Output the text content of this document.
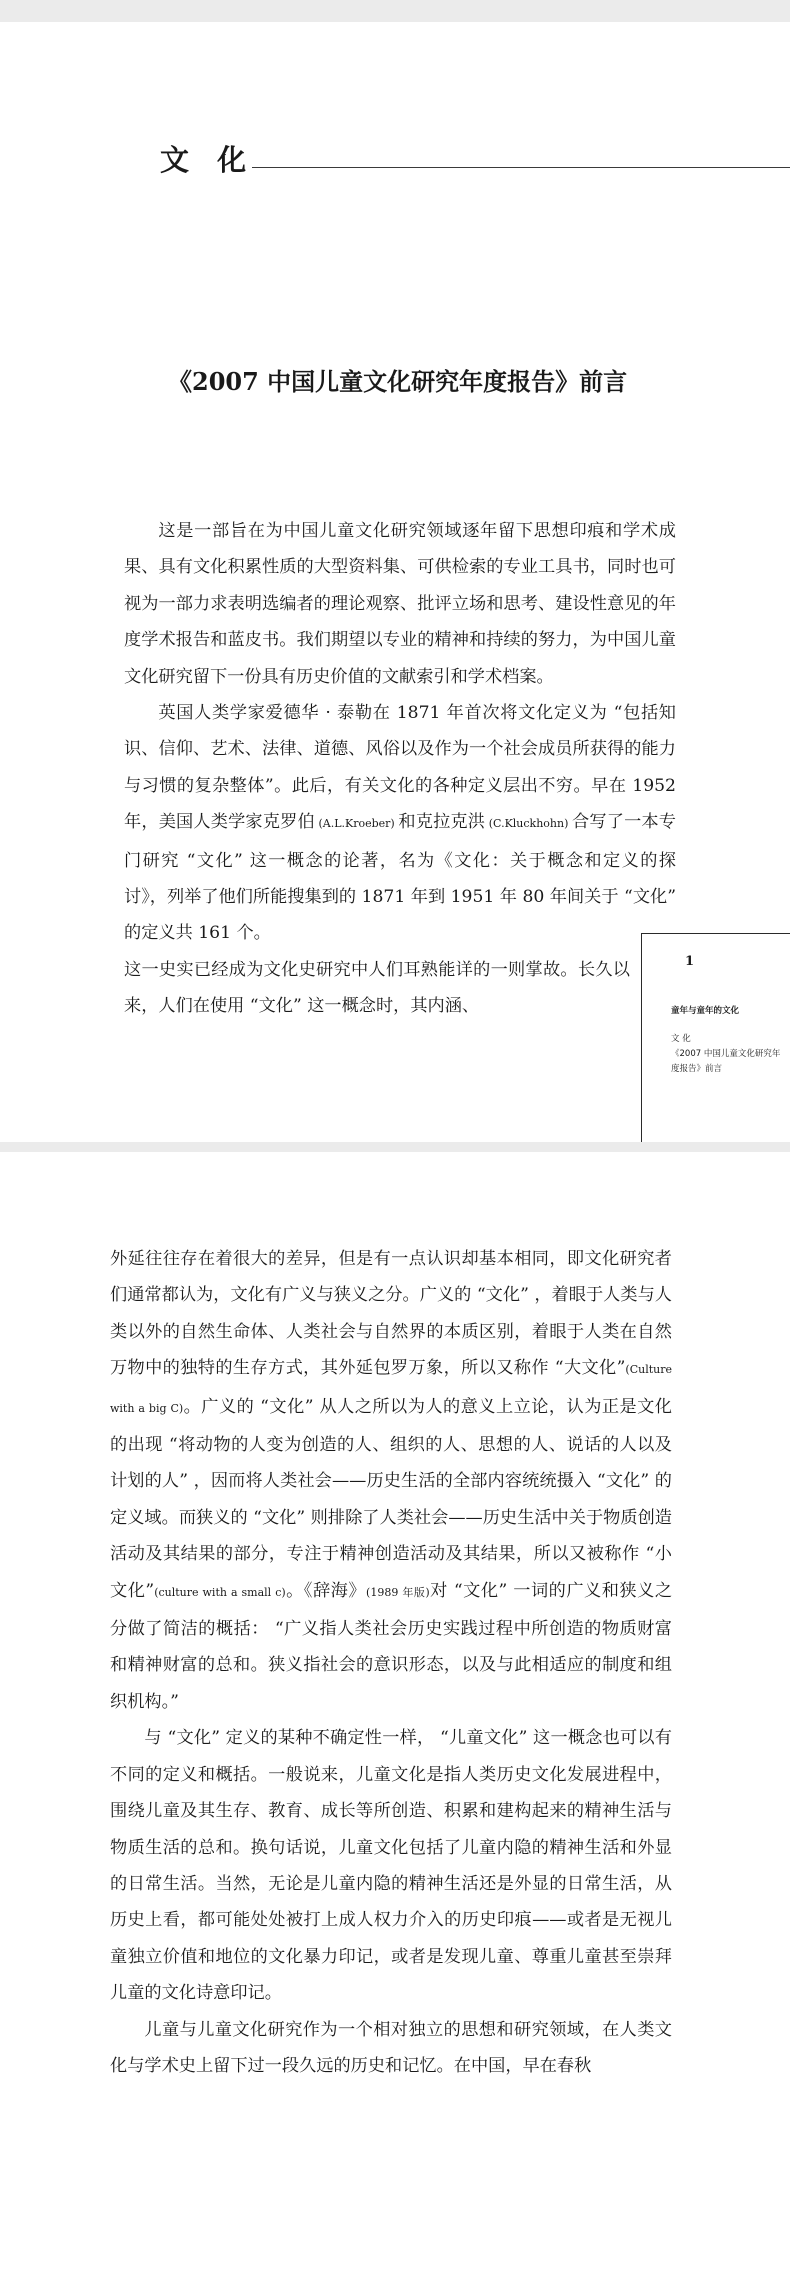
文 化
《2007 中国儿童文化研究年度报告》前言

这是一部旨在为中国儿童文化研究领域逐年留下思想印痕和学术成果、具有文化积累性质的大型资料集、可供检索的专业工具书，同时也可视为一部力求表明选编者的理论观察、批评立场和思考、建设性意见的年度学术报告和蓝皮书。我们期望以专业的精神和持续的努力，为中国儿童文化研究留下一份具有历史价值的文献索引和学术档案。

英国人类学家爱德华 · 泰勒在 1871 年首次将文化定义为 “包括知识、信仰、艺术、法律、道德、风俗以及作为一个社会成员所获得的能力与习惯的复杂整体”。此后，有关文化的各种定义层出不穷。早在 1952 年，美国人类学家克罗伯 (A.L.Kroeber) 和克拉克洪 (C.Kluckhohn) 合写了一本专门研究 “文化” 这一概念的论著，名为《文化：关于概念和定义的探讨》，列举了他们所能搜集到的 1871 年到 1951 年 80 年间关于 “文化” 的定义共 161 个。

这一史实已经成为文化史研究中人们耳熟能详的一则掌故。长久以来，人们在使用 “文化” 这一概念时，其内涵、

1
童年与童年的文化
文 化
《2007 中国儿童文化研究年度报告》前言

外延往往存在着很大的差异，但是有一点认识却基本相同，即文化研究者们通常都认为，文化有广义与狭义之分。广义的 “文化” ，着眼于人类与人类以外的自然生命体、人类社会与自然界的本质区别，着眼于人类在自然万物中的独特的生存方式，其外延包罗万象，所以又称作 “大文化”(Culture with a big C)。广义的 “文化” 从人之所以为人的意义上立论，认为正是文化的出现 “将动物的人变为创造的人、组织的人、思想的人、说话的人以及计划的人” ，因而将人类社会——历史生活的全部内容统统摄入 “文化” 的定义域。而狭义的 “文化” 则排除了人类社会——历史生活中关于物质创造活动及其结果的部分，专注于精神创造活动及其结果，所以又被称作 “小文化”(culture with a small c)。《辞海》(1989 年版)对 “文化” 一词的广义和狭义之分做了简洁的概括： “广义指人类社会历史实践过程中所创造的物质财富和精神财富的总和。狭义指社会的意识形态，以及与此相适应的制度和组织机构。”

与 “文化” 定义的某种不确定性一样， “儿童文化” 这一概念也可以有不同的定义和概括。一般说来，儿童文化是指人类历史文化发展进程中，围绕儿童及其生存、教育、成长等所创造、积累和建构起来的精神生活与物质生活的总和。换句话说，儿童文化包括了儿童内隐的精神生活和外显的日常生活。当然，无论是儿童内隐的精神生活还是外显的日常生活，从历史上看，都可能处处被打上成人权力介入的历史印痕——或者是无视儿童独立价值和地位的文化暴力印记，或者是发现儿童、尊重儿童甚至崇拜儿童的文化诗意印记。

儿童与儿童文化研究作为一个相对独立的思想和研究领域，在人类文化与学术史上留下过一段久远的历史和记忆。在中国，早在春秋
